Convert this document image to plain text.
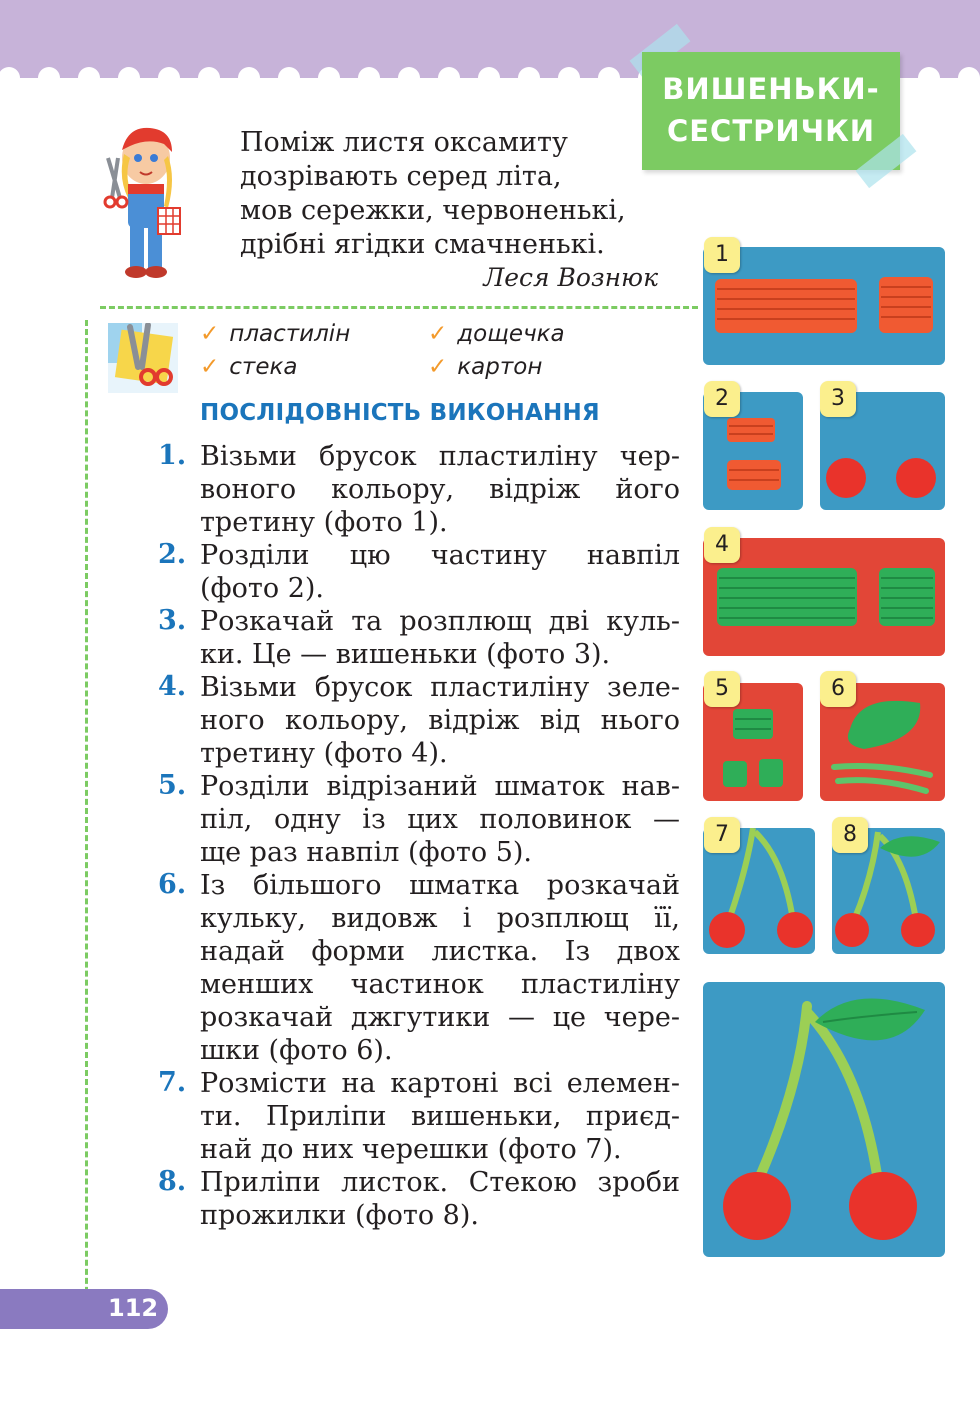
ВИШЕНЬКИ-
СЕСТРИЧКИ
Поміж листя оксамиту
дозрівають серед літа,
мов сережки, червоненькі,
дрібні ягідки смачненькі.
Леся Вознюк
✓ пластилін	✓ дощечка
✓ стека	✓ картон
ПОСЛІДОВНІСТЬ ВИКОНАННЯ
1. Візьми брусок пластиліну чер-
воного кольору, відріж його
третину (фото 1).
2. Розділи цю частину навпіл
(фото 2).
3. Розкачай та розплющ дві куль-
ки. Це — вишеньки (фото 3).
4. Візьми брусок пластиліну зеле-
ного кольору, відріж від нього
третину (фото 4).
5. Розділи відрізаний шматок нав-
піл, одну із цих половинок —
ще раз навпіл (фото 5).
6. Із більшого шматка розкачай
кульку, видовж і розплющ її,
надай форми листка. Із двох
менших частинок пластиліну
розкачай джгутики — це чере-
шки (фото 6).
7. Розмісти на картоні всі елемен-
ти. Приліпи вишеньки, приєд-
най до них черешки (фото 7).
8. Приліпи листок. Стекою зроби
прожилки (фото 8).
1
2	3
4
5	6
7	8
112
